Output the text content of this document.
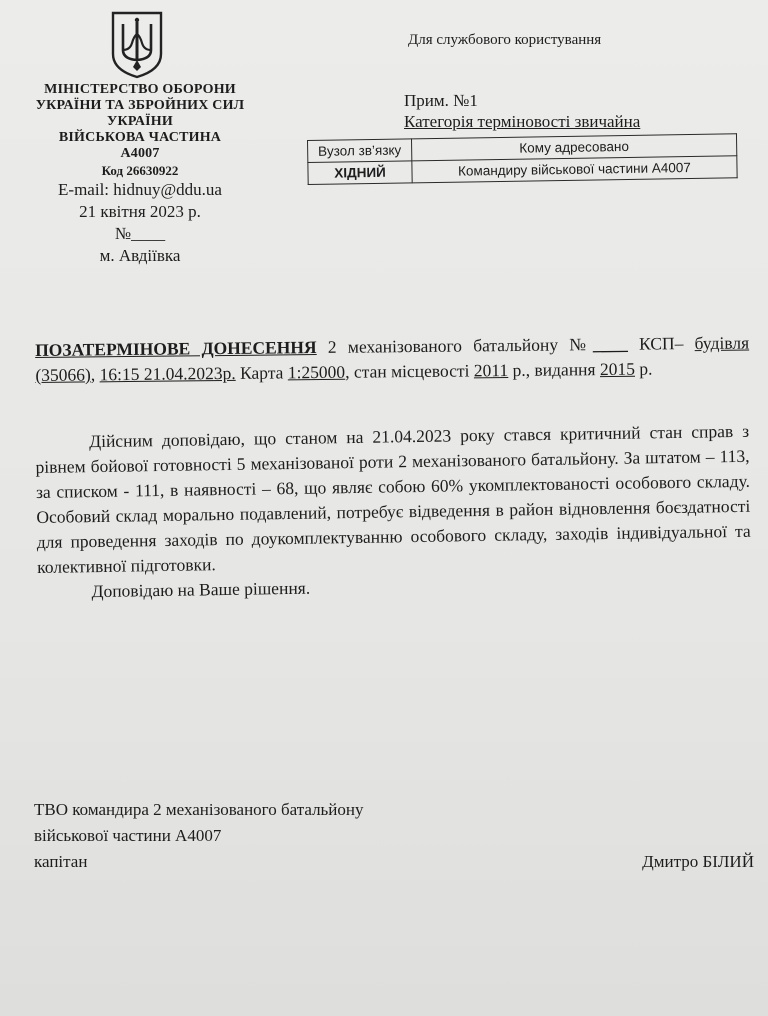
МІНІСТЕРСТВО ОБОРОНИ
УКРАЇНИ ТА ЗБРОЙНИХ СИЛ
УКРАЇНИ
ВІЙСЬКОВА ЧАСТИНА
А4007
Код 26630922
E-mail: hidnuy@ddu.ua
21 квітня 2023 р.
№____
м. Авдіївка
Для службового користування
Прим. №1
Категорія терміновості звичайна
Вузол зв’язку	Кому адресовано
ХІДНИЙ	Командиру військової частини А4007
ПОЗАТЕРМІНОВЕ ДОНЕСЕННЯ 2 механізованого батальйону №____ КСП– будівля (35066), 16:15 21.04.2023р. Карта 1:25000, стан місцевості 2011 р., видання 2015 р.

Дійсним доповідаю, що станом на 21.04.2023 року стався критичний стан справ з рівнем бойової готовності 5 механізованої роти 2 механізованого батальйону. За штатом – 113, за списком - 111, в наявності – 68, що являє собою 60% укомплектованості особового складу. Особовий склад морально подавлений, потребує відведення в район відновлення боєздатності для проведення заходів по доукомплектуванню особового складу, заходів індивідуальної та колективної підготовки.

Доповідаю на Ваше рішення.

ТВО командира 2 механізованого батальйону
військової частини А4007
капітан	Дмитро БІЛИЙ
